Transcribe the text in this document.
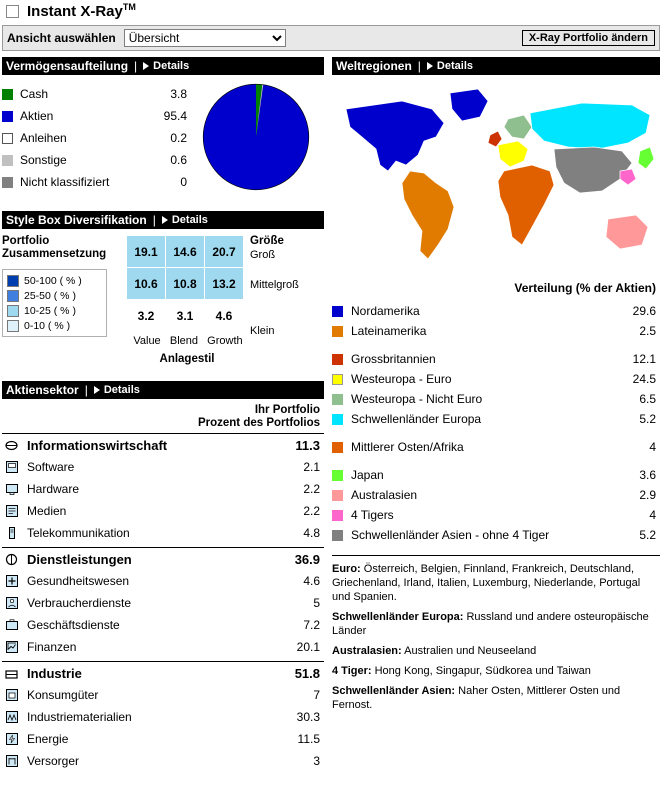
Instant X-Ray™
Ansicht auswählen
Übersicht	X-Ray Portfolio ändern
Vermögensaufteilung | Details
Cash	3.8
Aktien	95.4
Anleihen	0.2
Sonstige	0.6
Nicht klassifiziert	0
Style Box Diversifikation | Details
Portfolio Zusammensetzung
50-100 ( % )
25-50 ( % )
10-25 ( % )
0-10 ( % )
19.1	14.6	20.7
10.6	10.8	13.2
3.2	3.1	4.6
Value Blend Growth
Anlagestil
Größe
Groß
Mittelgroß
Klein
Aktiensektor | Details
Ihr Portfolio
Prozent des Portfolios
Informationswirtschaft	11.3
Software	2.1
Hardware	2.2
Medien	2.2
Telekommunikation	4.8
Dienstleistungen	36.9
Gesundheitswesen	4.6
Verbraucherdienste	5
Geschäftsdienste	7.2
Finanzen	20.1
Industrie	51.8
Konsumgüter	7
Industriematerialien	30.3
Energie	11.5
Versorger	3
Weltregionen | Details
Verteilung (% der Aktien)
Nordamerika	29.6
Lateinamerika	2.5
Grossbritannien	12.1
Westeuropa - Euro	24.5
Westeuropa - Nicht Euro	6.5
Schwellenländer Europa	5.2
Mittlerer Osten/Afrika	4
Japan	3.6
Australasien	2.9
4 Tigers	4
Schwellenländer Asien - ohne 4 Tiger	5.2

Euro: Österreich, Belgien, Finnland, Frankreich, Deutschland, Griechenland, Irland, Italien, Luxemburg, Niederlande, Portugal und Spanien.

Schwellenländer Europa: Russland und andere osteuropäische Länder

Australasien: Australien und Neuseeland

4 Tiger: Hong Kong, Singapur, Südkorea und Taiwan

Schwellenländer Asien: Naher Osten, Mittlerer Osten und Fernost.
